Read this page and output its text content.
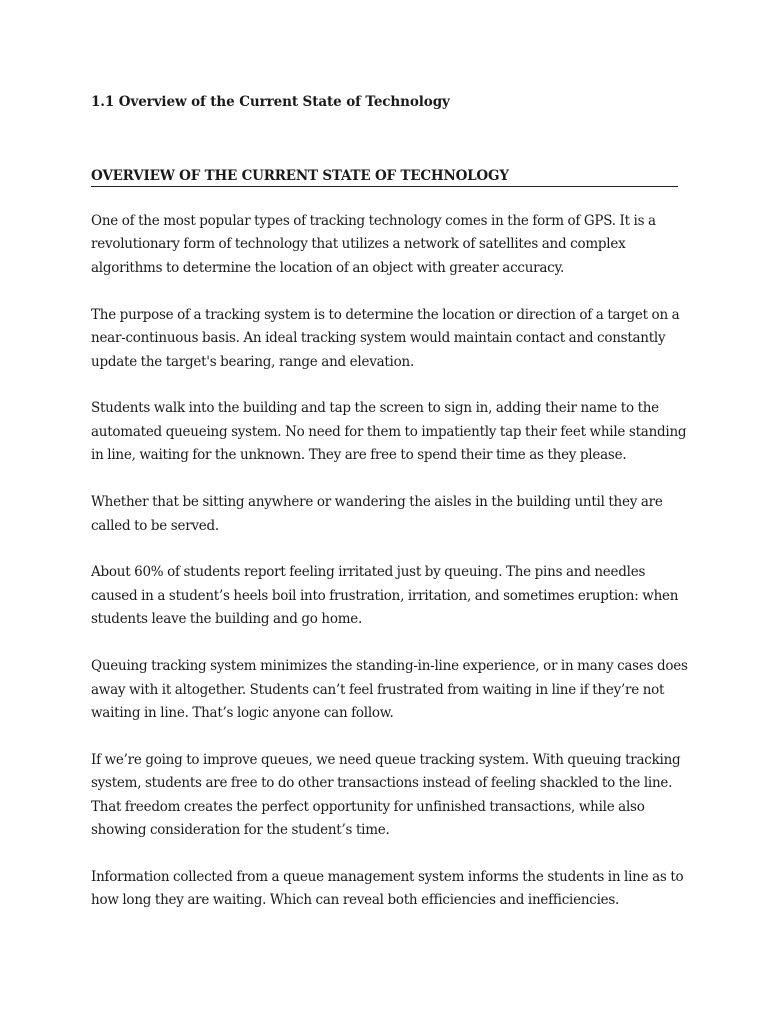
1.1 Overview of the Current State of Technology
OVERVIEW OF THE CURRENT STATE OF TECHNOLOGY

One of the most popular types of tracking technology comes in the form of GPS. It is a
revolutionary form of technology that utilizes a network of satellites and complex
algorithms to determine the location of an object with greater accuracy.

The purpose of a tracking system is to determine the location or direction of a target on a
near-continuous basis. An ideal tracking system would maintain contact and constantly
update the target's bearing, range and elevation.

Students walk into the building and tap the screen to sign in, adding their name to the
automated queueing system. No need for them to impatiently tap their feet while standing
in line, waiting for the unknown. They are free to spend their time as they please.

Whether that be sitting anywhere or wandering the aisles in the building until they are
called to be served.

About 60% of students report feeling irritated just by queuing. The pins and needles
caused in a student’s heels boil into frustration, irritation, and sometimes eruption: when
students leave the building and go home.

Queuing tracking system minimizes the standing-in-line experience, or in many cases does
away with it altogether. Students can’t feel frustrated from waiting in line if they’re not
waiting in line. That’s logic anyone can follow.

If we’re going to improve queues, we need queue tracking system. With queuing tracking
system, students are free to do other transactions instead of feeling shackled to the line.
That freedom creates the perfect opportunity for unfinished transactions, while also
showing consideration for the student’s time.

Information collected from a queue management system informs the students in line as to
how long they are waiting. Which can reveal both efficiencies and inefficiencies.
